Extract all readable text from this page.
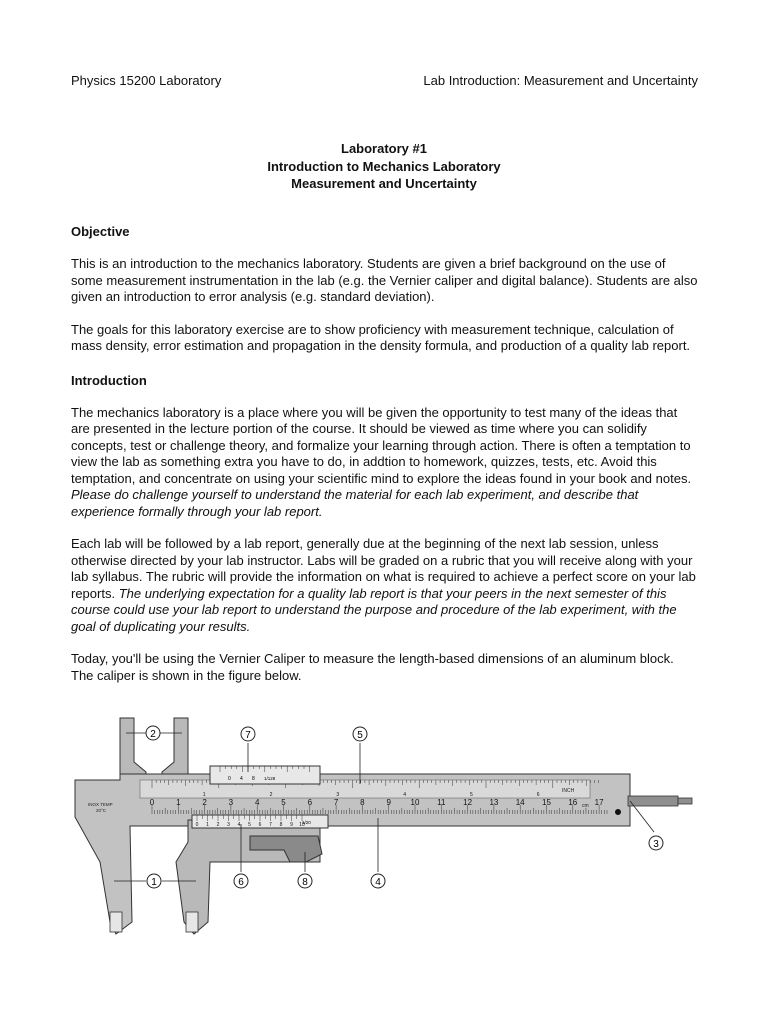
Physics 15200 Laboratory	Lab Introduction: Measurement and Uncertainty
Laboratory #1
Introduction to Mechanics Laboratory
Measurement and Uncertainty
Objective

This is an introduction to the mechanics laboratory. Students are given a brief background on the use of some measurement instrumentation in the lab (e.g. the Vernier caliper and digital balance). Students are also given an introduction to error analysis (e.g. standard deviation).

The goals for this laboratory exercise are to show proficiency with measurement technique, calculation of mass density, error estimation and propagation in the density formula, and production of a quality lab report.

Introduction

The mechanics laboratory is a place where you will be given the opportunity to test many of the ideas that are presented in the lecture portion of the course. It should be viewed as time where you can solidify concepts, test or challenge theory, and formalize your learning through action. There is often a temptation to view the lab as something extra you have to do, in addtion to homework, quizzes, tests, etc. Avoid this temptation, and concentrate on using your scientific mind to explore the ideas found in your book and notes. Please do challenge yourself to understand the material for each lab experiment, and describe that experience formally through your lab report.

Each lab will be followed by a lab report, generally due at the beginning of the next lab session, unless otherwise directed by your lab instructor. Labs will be graded on a rubric that you will receive along with your lab syllabus. The rubric will provide the information on what is required to achieve a perfect score on your lab reports. The underlying expectation for a quality lab report is that your peers in the next semester of this course could use your lab report to understand the purpose and procedure of the lab experiment, with the goal of duplicating your results.

Today, you'll be using the Vernier Caliper to measure the length-based dimensions of an aluminum block. The caliper is shown in the figure below.

1	2	3	4	5	6
INCH
0 4 8 1/128
0	1	2	3	4	5	6	7	8	9 10 11 12 13 14 15 16 17
cm
INOX TEMP
20°C
0 1 2 3 4 5 6 7 8 9 10
1/20
1
2
3
4
5
6
7
8
